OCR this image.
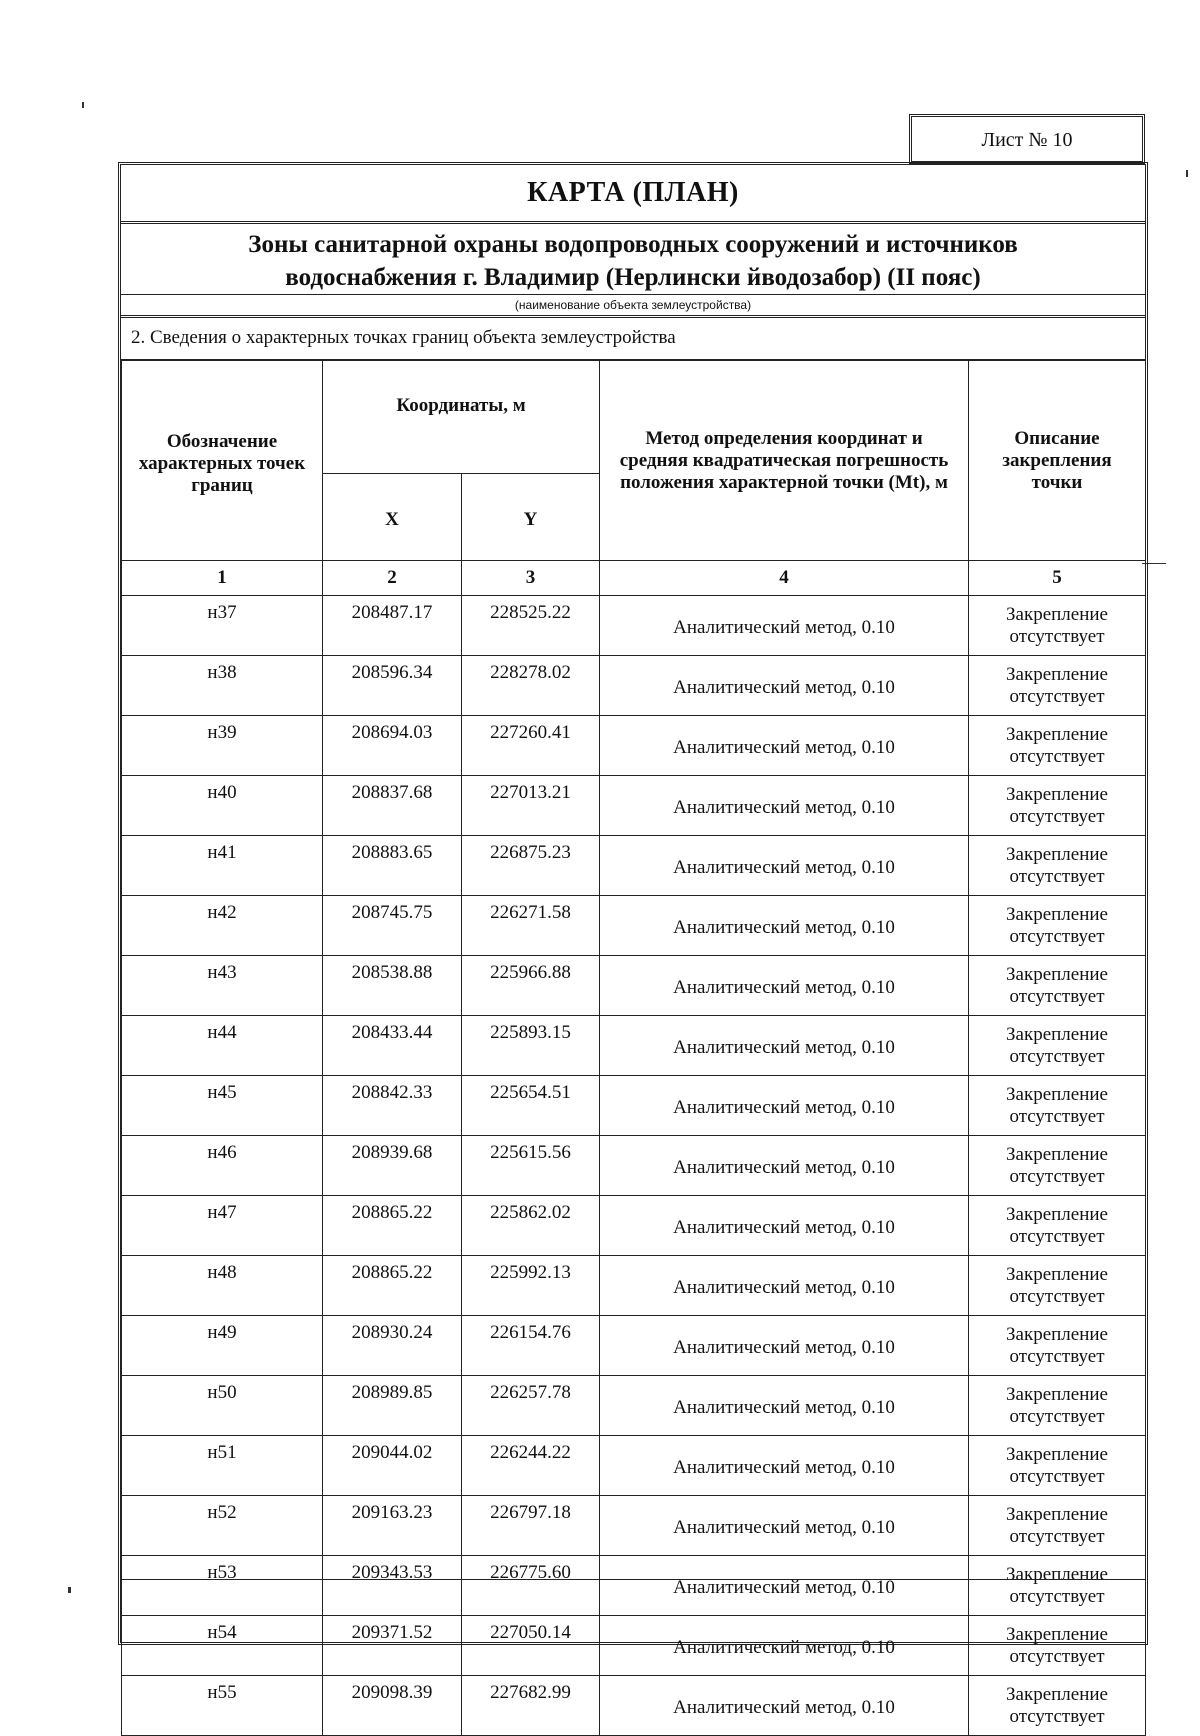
Лист № 10
КАРТА (ПЛАН)
Зоны санитарной охраны водопроводных сооружений и источников
водоснабжения г. Владимир (Нерлински йводозабор) (II пояс)
(наименование объекта землеустройства)
2. Сведения о характерных точках границ объекта землеустройства
Обозначение характерных точек границ	Координаты, м		Метод определения координат и средняя квадратическая погрешность положения характерной точки (Mt), м	Описание закрепления точки
	X	Y		
1	2	3	4	5
н37	208487.17	228525.22	Аналитический метод, 0.10	Закрепление
отсутствует

н38	208596.34	228278.02	Аналитический метод, 0.10	Закрепление
отсутствует

н39	208694.03	227260.41	Аналитический метод, 0.10	Закрепление
отсутствует

н40	208837.68	227013.21	Аналитический метод, 0.10	Закрепление
отсутствует

н41	208883.65	226875.23	Аналитический метод, 0.10	Закрепление
отсутствует

н42	208745.75	226271.58	Аналитический метод, 0.10	Закрепление
отсутствует

н43	208538.88	225966.88	Аналитический метод, 0.10	Закрепление
отсутствует

н44	208433.44	225893.15	Аналитический метод, 0.10	Закрепление
отсутствует

н45	208842.33	225654.51	Аналитический метод, 0.10	Закрепление
отсутствует

н46	208939.68	225615.56	Аналитический метод, 0.10	Закрепление
отсутствует

н47	208865.22	225862.02	Аналитический метод, 0.10	Закрепление
отсутствует

н48	208865.22	225992.13	Аналитический метод, 0.10	Закрепление
отсутствует

н49	208930.24	226154.76	Аналитический метод, 0.10	Закрепление
отсутствует

н50	208989.85	226257.78	Аналитический метод, 0.10	Закрепление
отсутствует

н51	209044.02	226244.22	Аналитический метод, 0.10	Закрепление
отсутствует

н52	209163.23	226797.18	Аналитический метод, 0.10	Закрепление
отсутствует

н53	209343.53	226775.60	Аналитический метод, 0.10	Закрепление
отсутствует

н54	209371.52	227050.14	Аналитический метод, 0.10	Закрепление
отсутствует

н55	209098.39	227682.99	Аналитический метод, 0.10	Закрепление
отсутствует
